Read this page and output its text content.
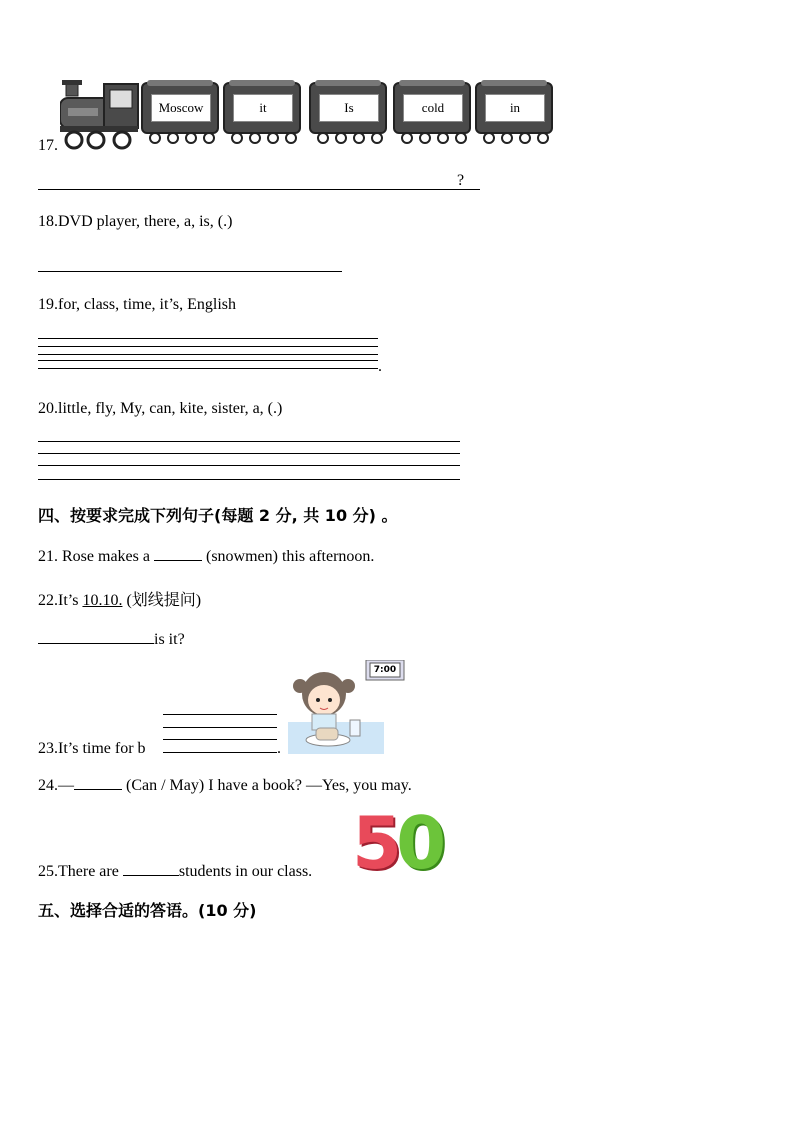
17.
Moscow	it	Is	cold	in
?
18.DVD player, there, a, is, (.)
19.for, class, time, it’s, English
.
20.little, fly, My, can, kite, sister, a, (.)
四、按要求完成下列句子(每题 2 分, 共 10 分) 。
21. Rose makes a	(snowmen) this afternoon.
22.It’s 10.10. (划线提问)
is it?
23.It’s time for b	.
7:00
24.—	(Can / May) I have a book? —Yes, you may.
25.There are	students in our class. 50
五、选择合适的答语。(10 分)
